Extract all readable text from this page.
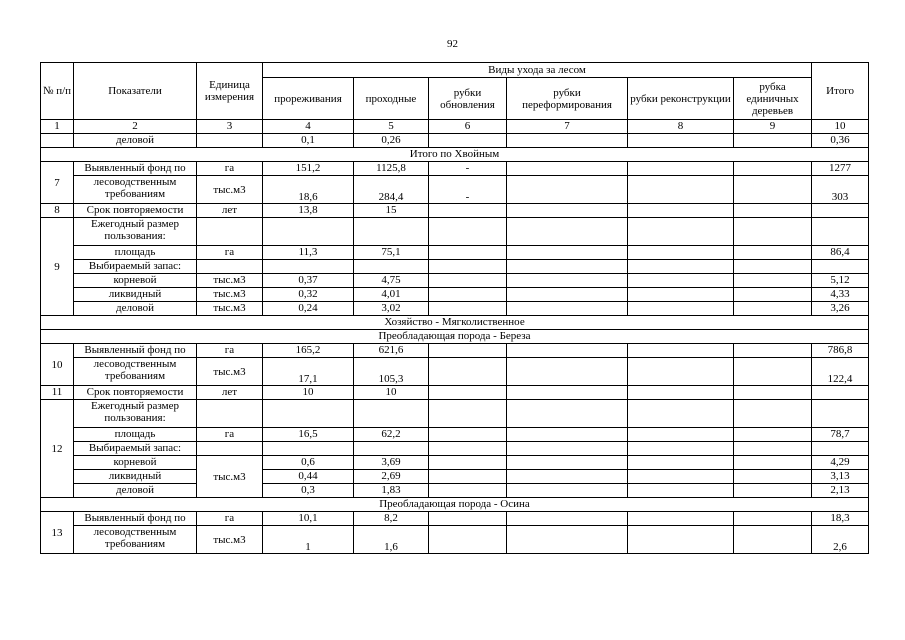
92
№ п/п	Показатели	Единица измерения	Виды ухода за лесом						Итого
			прореживания	проходные	рубки обновления	рубки переформирования	рубки реконструкции	рубка единичных деревьев	
1	2	3	4	5	6	7	8	9	10
	деловой		0,1	0,26					0,36
Итого по Хвойным									
7	Выявленный фонд по	га	151,2	1125,8	-				1277
	лесоводственным требованиям	тыс.м3	18,6	284,4	-				303
8	Срок повторяемости	лет	13,8	15					
9	Ежегодный размер пользования:								
	площадь	га	11,3	75,1					86,4
	Выбираемый запас:								
	корневой	тыс.м3	0,37	4,75					5,12
	ликвидный	тыс.м3	0,32	4,01					4,33
	деловой	тыс.м3	0,24	3,02					3,26
Хозяйство - Мягколиственное									
Преобладающая порода - Береза									
10	Выявленный фонд по	га	165,2	621,6					786,8
	лесоводственным требованиям	тыс.м3	17,1	105,3					122,4
11	Срок повторяемости	лет	10	10					
12	Ежегодный размер пользования:								
	площадь	га	16,5	62,2					78,7
	Выбираемый запас:								
	корневой	тыс.м3	0,6	3,69					4,29
	ликвидный		0,44	2,69					3,13
	деловой		0,3	1,83					2,13
Преобладающая порода - Осина									
13	Выявленный фонд по	га	10,1	8,2					18,3
	лесоводственным требованиям	тыс.м3	1	1,6					2,6
